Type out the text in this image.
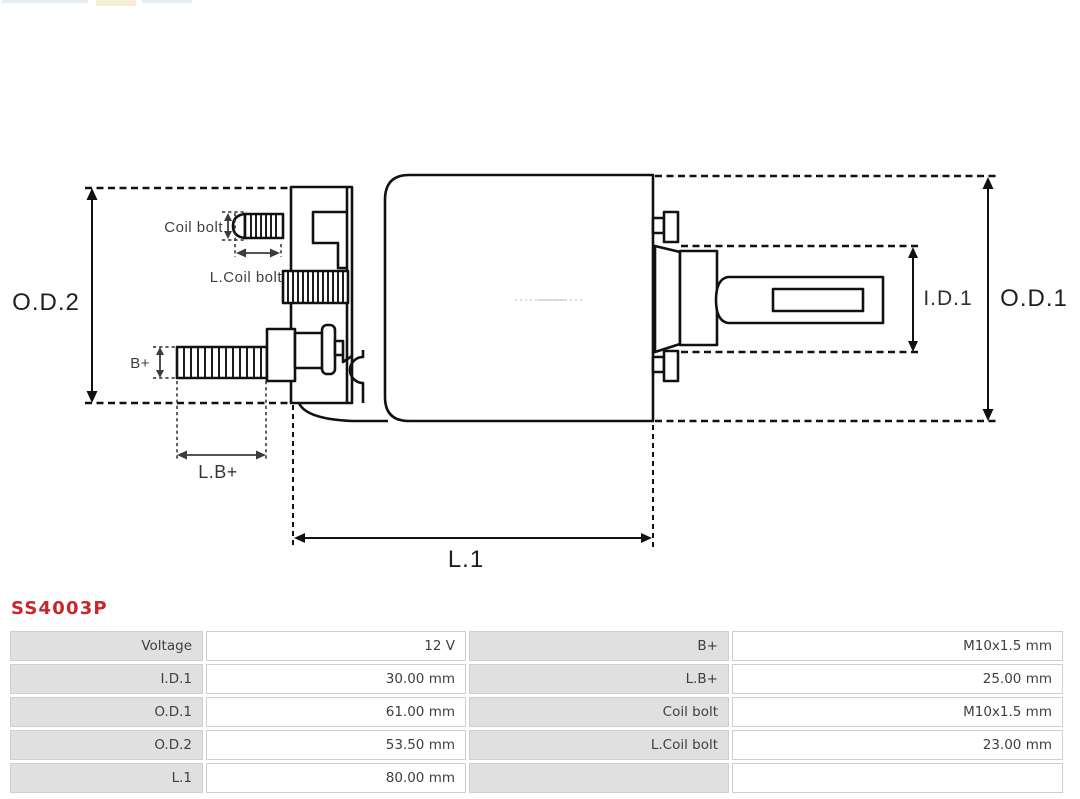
O.D.2	O.D.1
I.D.1
L.1
L.B+
B+
Coil bolt
L.Coil bolt
SS4003P
Voltage	12 V	B+	M10x1.5 mm
I.D.1	30.00 mm	L.B+	25.00 mm
O.D.1	61.00 mm	Coil bolt	M10x1.5 mm
O.D.2	53.50 mm	L.Coil bolt	23.00 mm
L.1	80.00 mm		
